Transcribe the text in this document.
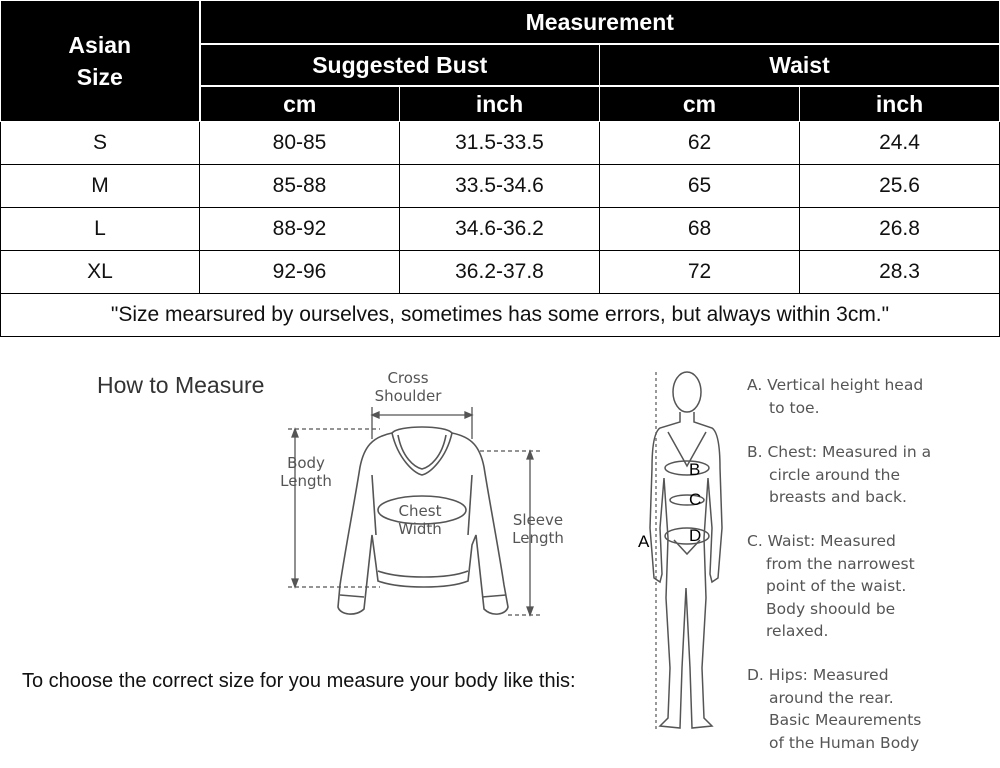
Asian
Size	Measurement			
	Suggested Bust		Waist	
	cm	inch	cm	inch
S	80-85	31.5-33.5	62	24.4
M	85-88	33.5-34.6	65	25.6
L	88-92	34.6-36.2	68	26.8
XL	92-96	36.2-37.8	72	28.3
"Size mearsured by ourselves, sometimes has some errors, but always within 3cm."				
How to Measure
To choose the correct size for you measure your body like this:
Cross
Shoulder
Body
Length
Chest
Width	Sleeve
Length	A
B
C
D
A. Vertical height head
to toe.
B. Chest: Measured in a
circle around the
breasts and back.
C. Waist: Measured
from the narrowest
point of the waist.
Body shoould be
relaxed.
D. Hips: Measured
around the rear.
Basic Meaurements
of the Human Body
